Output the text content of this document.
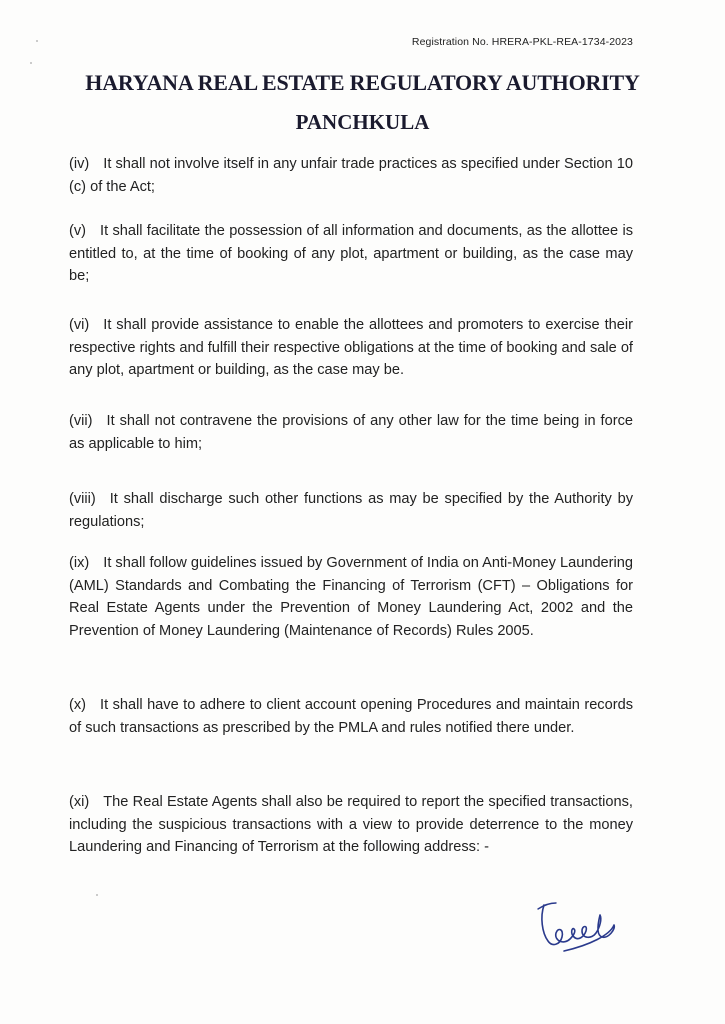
Registration No. HRERA-PKL-REA-1734-2023
HARYANA REAL ESTATE REGULATORY AUTHORITY
PANCHKULA
(iv) It shall not involve itself in any unfair trade practices as specified under Section 10 (c) of the Act;
(v) It shall facilitate the possession of all information and documents, as the allottee is entitled to, at the time of booking of any plot, apartment or building, as the case may be;
(vi) It shall provide assistance to enable the allottees and promoters to exercise their respective rights and fulfill their respective obligations at the time of booking and sale of any plot, apartment or building, as the case may be.
(vii) It shall not contravene the provisions of any other law for the time being in force as applicable to him;
(viii) It shall discharge such other functions as may be specified by the Authority by regulations;
(ix) It shall follow guidelines issued by Government of India on Anti-Money Laundering (AML) Standards and Combating the Financing of Terrorism (CFT) – Obligations for Real Estate Agents under the Prevention of Money Laundering Act, 2002 and the Prevention of Money Laundering (Maintenance of Records) Rules 2005.
(x) It shall have to adhere to client account opening Procedures and maintain records of such transactions as prescribed by the PMLA and rules notified there under.
(xi) The Real Estate Agents shall also be required to report the specified transactions, including the suspicious transactions with a view to provide deterrence to the money Laundering and Financing of Terrorism at the following address: -
